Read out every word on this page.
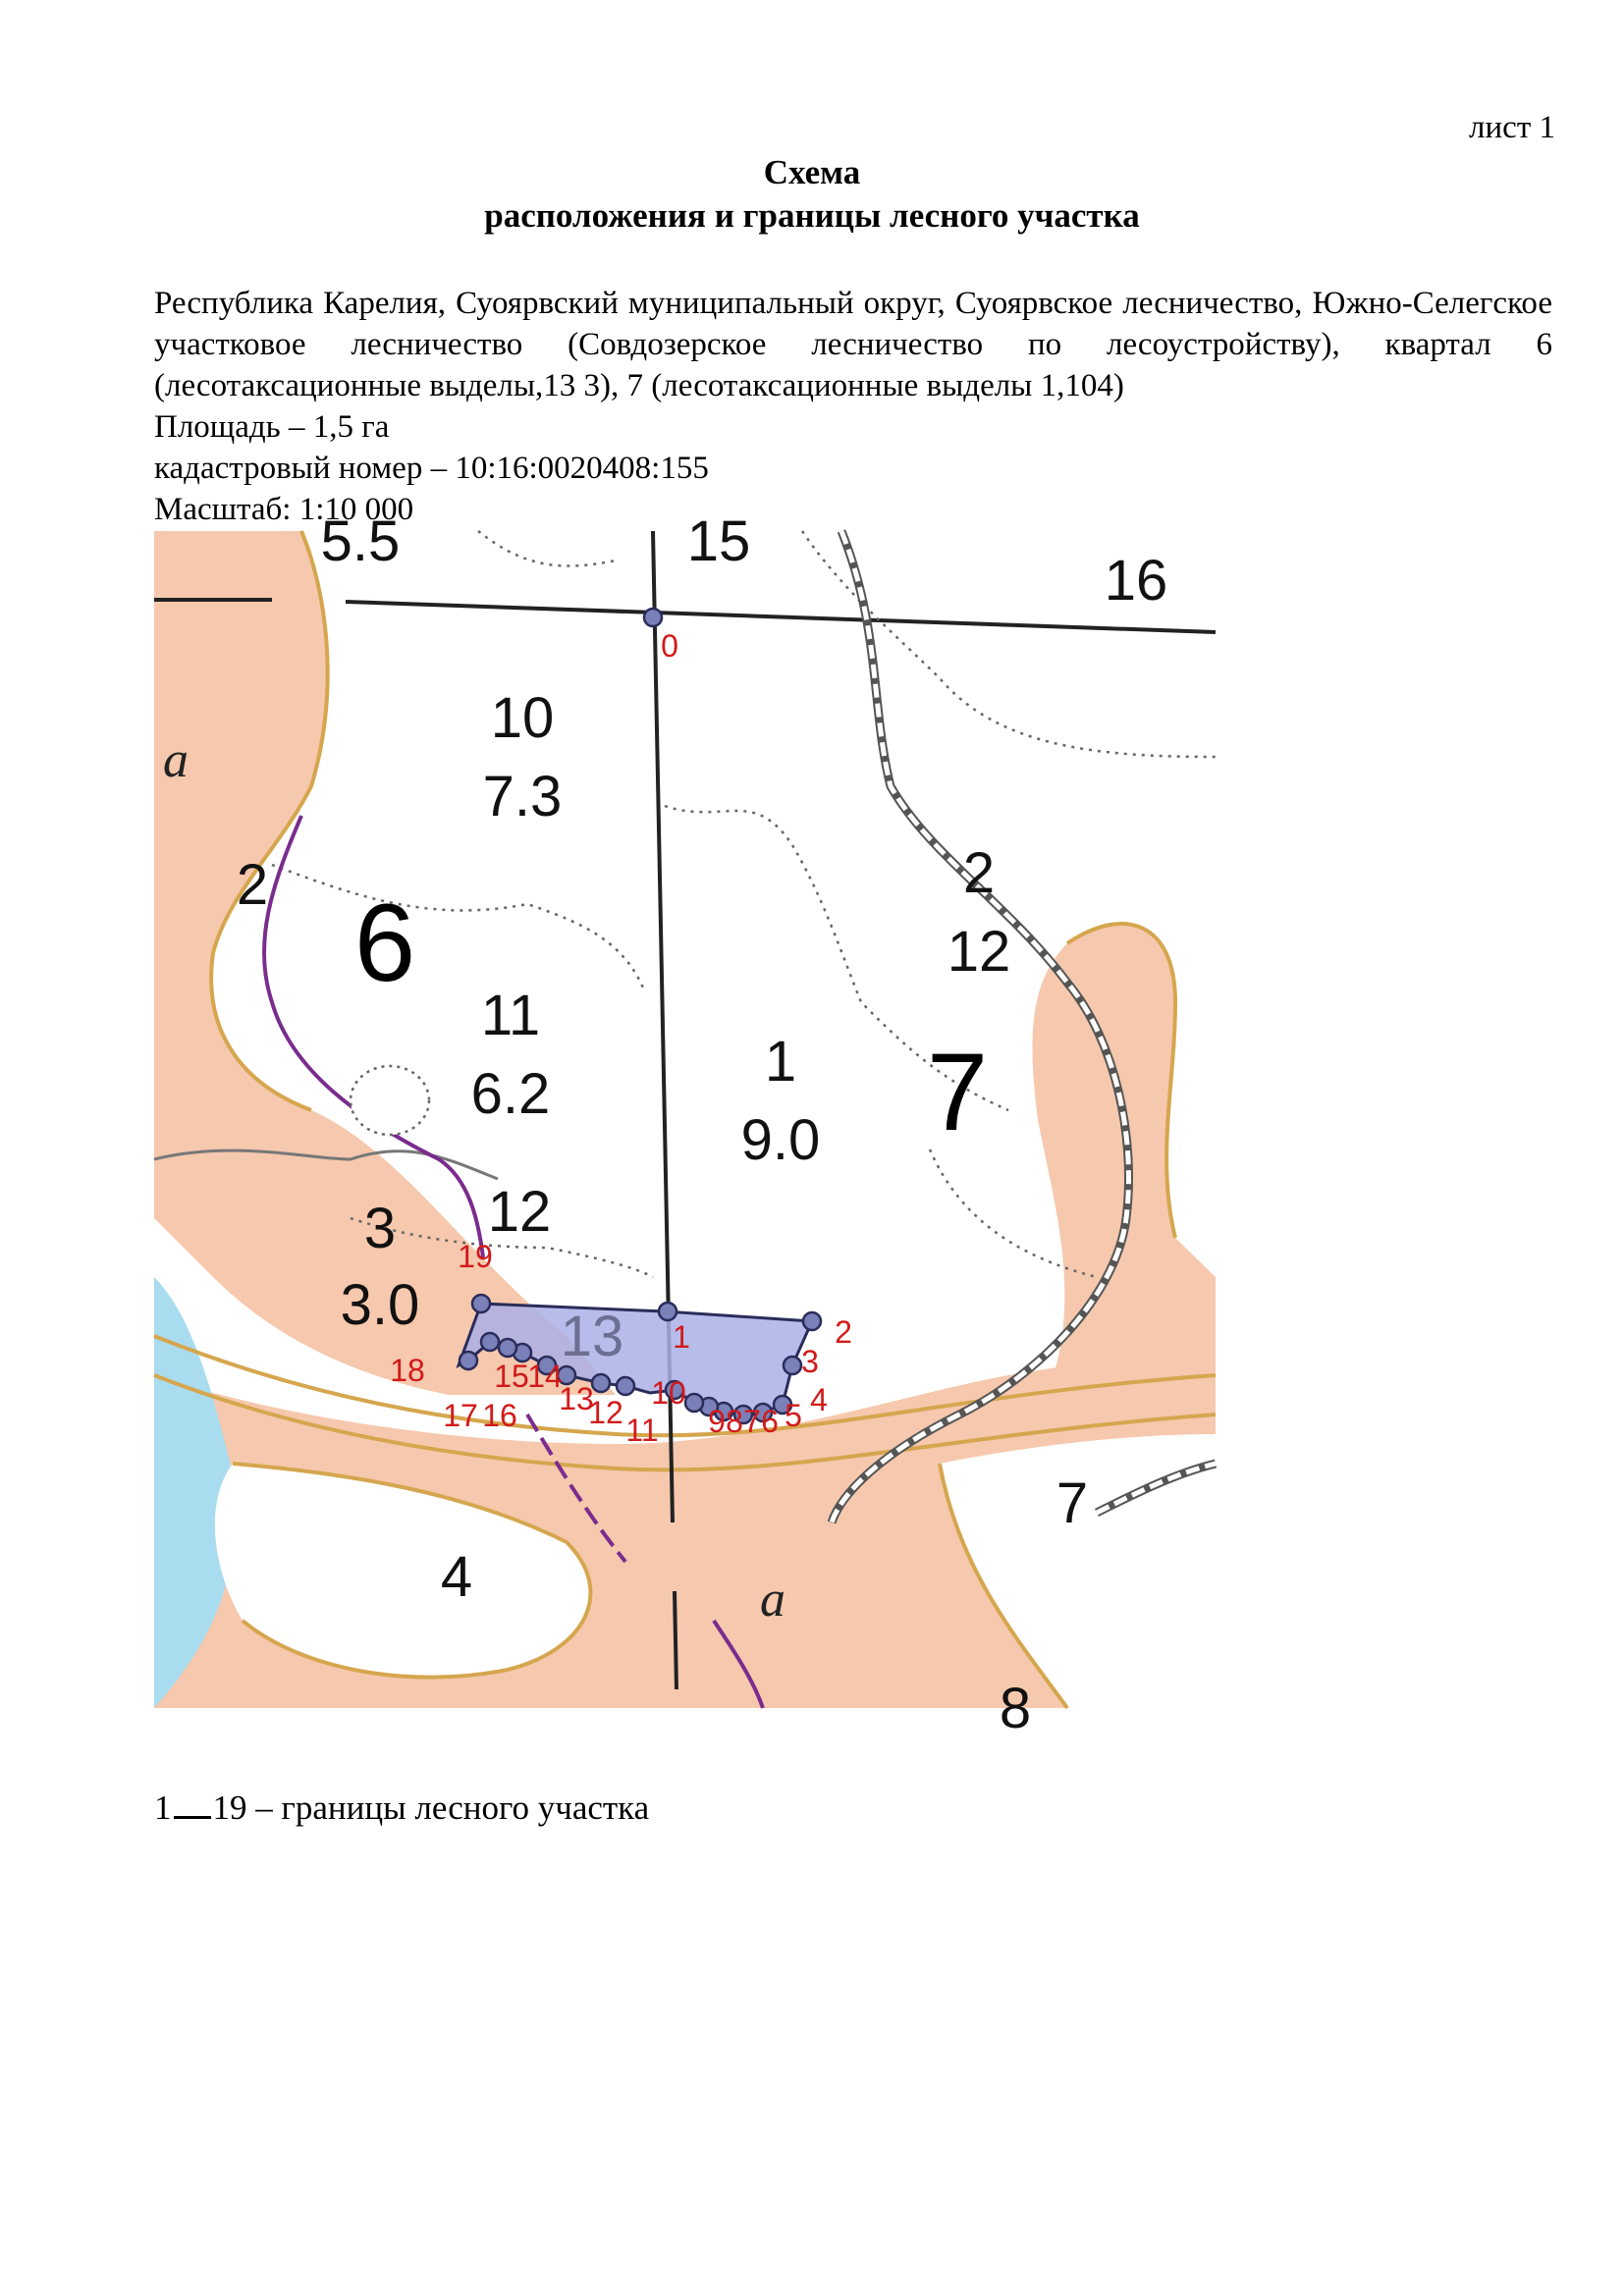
лист 1
Схема
расположения и границы лесного участка

Республика Карелия, Суоярвский муниципальный округ, Суоярвское лесничество, Южно-Селегское участковое лесничество (Совдозерское лесничество по лесоустройству), квартал 6 (лесотаксационные выделы,13 3), 7 (лесотаксационные выделы 1,104)

Площадь – 1,5 га

кадастровый номер – 10:16:0020408:155

Масштаб: 1:10 000

5.5	15
16
10
7.3
2
11
6.2
1
9.0
2
12
12
3
3.0 13
4
7
8
6
7
а
а
0
1	2
3
4
5
6
7
8
9
10
11
12
13
14
15
16
17
18
19
1 19 – границы лесного участка
